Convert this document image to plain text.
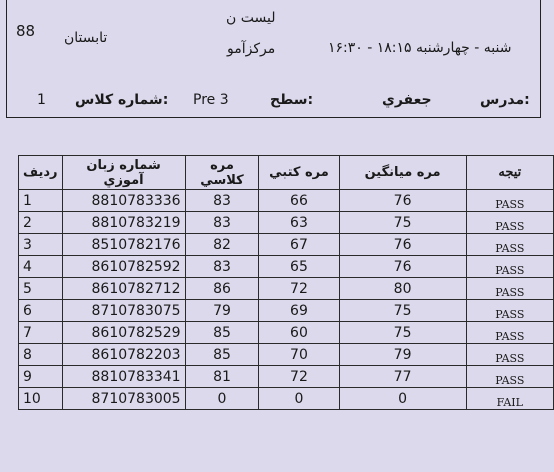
88 تابستان
لیست ن
مرکزآمو	شنبه - چهارشنبه ۱۸:۱۵ - ۱۶:۳۰
1 شماره کلاس: Pre 3	سطح:	جعفري	مدرس:
ردیف	شماره زبان آموزي	مره كلاسي	مره كتبي	مره ميانگين	تيجه
1	8810783336	83	66	76	PASS
2	8810783219	83	63	75	PASS
3	8510782176	82	67	76	PASS
4	8610782592	83	65	76	PASS
5	8610782712	86	72	80	PASS
6	8710783075	79	69	75	PASS
7	8610782529	85	60	75	PASS
8	8610782203	85	70	79	PASS
9	8810783341	81	72	77	PASS
10	8710783005	0	0	0	FAIL
